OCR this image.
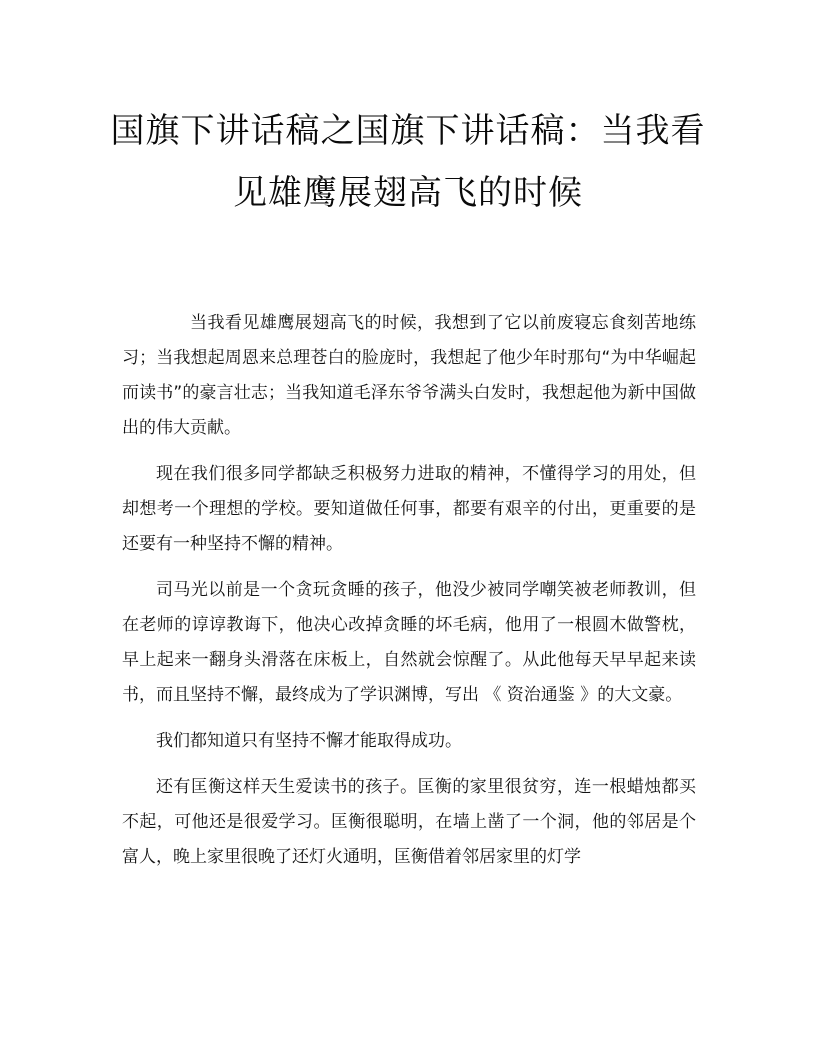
国旗下讲话稿之国旗下讲话稿：当我看
见雄鹰展翅高飞的时候

当我看见雄鹰展翅高飞的时候，我想到了它以前废寝忘食刻苦地练习；当我想起周恩来总理苍白的脸庞时，我想起了他少年时那句“为中华崛起而读书”的豪言壮志；当我知道毛泽东爷爷满头白发时，我想起他为新中国做出的伟大贡献。

现在我们很多同学都缺乏积极努力进取的精神，不懂得学习的用处，但却想考一个理想的学校。要知道做任何事，都要有艰辛的付出，更重要的是还要有一种坚持不懈的精神。

司马光以前是一个贪玩贪睡的孩子，他没少被同学嘲笑被老师教训，但在老师的谆谆教诲下，他决心改掉贪睡的坏毛病，他用了一根圆木做警枕，早上起来一翻身头滑落在床板上，自然就会惊醒了。从此他每天早早起来读书，而且坚持不懈，最终成为了学识渊博，写出 《 资治通鉴 》的大文豪。

我们都知道只有坚持不懈才能取得成功。

还有匡衡这样天生爱读书的孩子。匡衡的家里很贫穷，连一根蜡烛都买不起，可他还是很爱学习。匡衡很聪明，在墙上凿了一个洞，他的邻居是个富人，晚上家里很晚了还灯火通明，匡衡借着邻居家里的灯学
